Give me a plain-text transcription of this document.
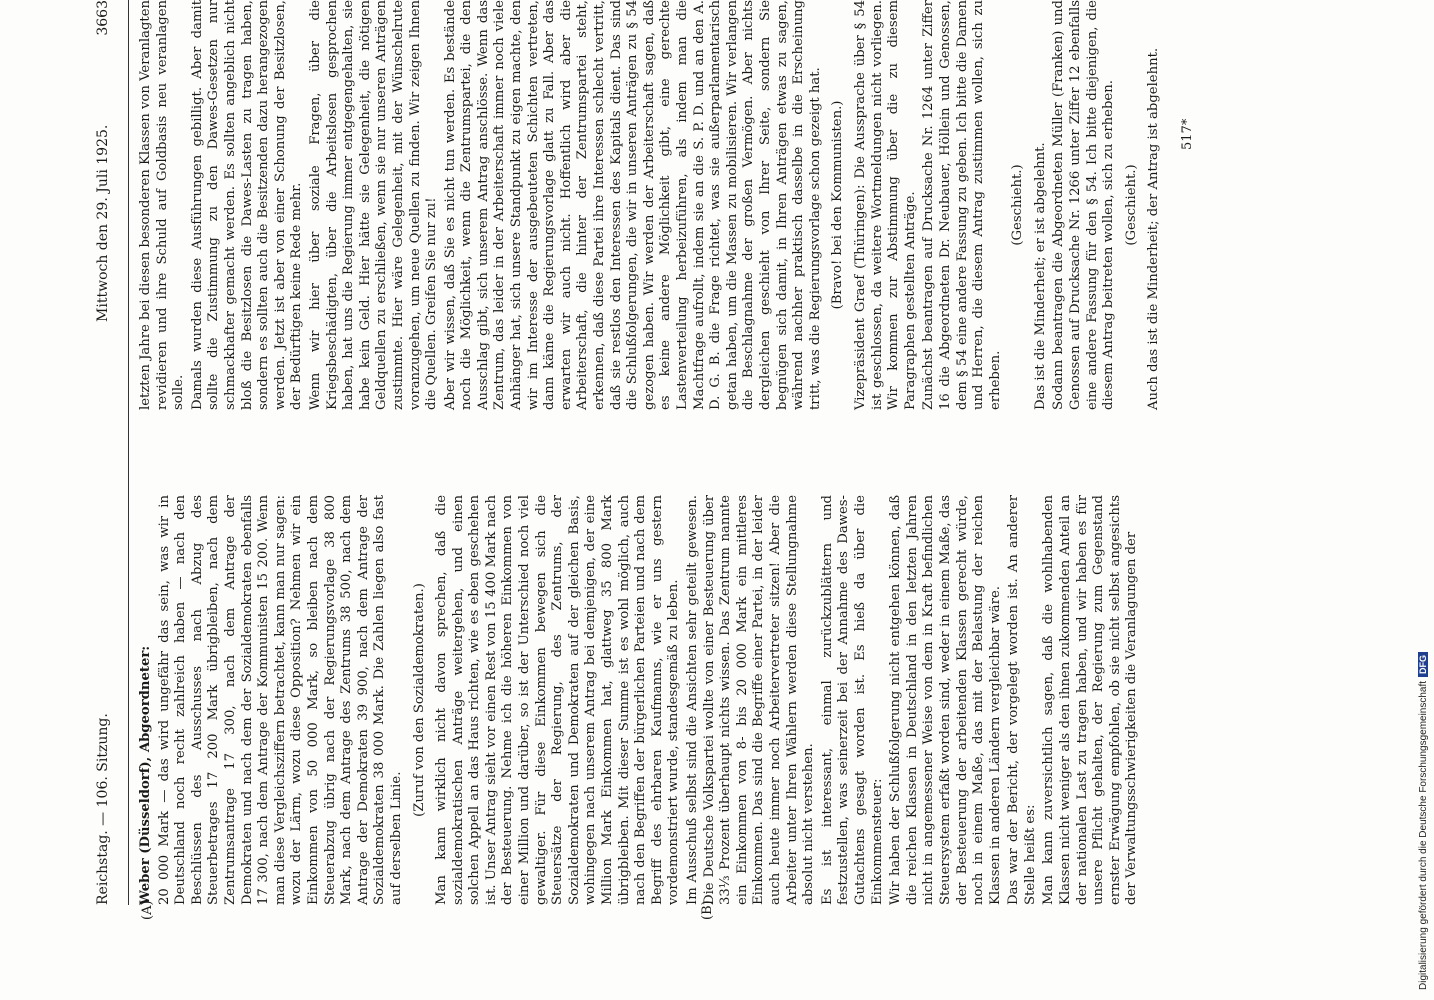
Reichstag. — 106. Sitzung.
Mittwoch den 29. Juli 1925.                    3663
(A)	(B)

Weber (Düsseldorf), Abgeordneter: 20 000 Mark — das wird ungefähr das sein, was wir in Deutschland noch recht zahlreich haben — nach den Beschlüssen des Ausschusses nach Abzug des Steuerbetrages 17 200 Mark übrigbleiben, nach dem Zentrumsantrage 17 300, nach dem Antrage der Demokraten und nach dem der Sozialdemokraten ebenfalls 17 300, nach dem Antrage der Kommunisten 15 200. Wenn man diese Vergleichsziffern betrachtet, kann man nur sagen: wozu der Lärm, wozu diese Opposition? Nehmen wir ein Einkommen von 50 000 Mark, so bleiben nach dem Steuerabzug übrig nach der Regierungsvorlage 38 800 Mark, nach dem Antrage des Zentrums 38 500, nach dem Antrage der Demokraten 39 900, nach dem Antrage der Sozialdemokraten 38 000 Mark. Die Zahlen liegen also fast auf derselben Linie.

(Zuruf von den Sozialdemokraten.) Man kann wirklich nicht davon sprechen, daß die sozialdemokratischen Anträge weitergehen, und einen solchen Appell an das Haus richten, wie es eben geschehen ist. Unser Antrag sieht vor einen Rest von 15 400 Mark nach der Besteuerung. Nehme ich die höheren Einkommen von einer Million und darüber, so ist der Unterschied noch viel gewaltiger. Für diese Einkommen bewegen sich die Steuersätze der Regierung, des Zentrums, der Sozialdemokraten und Demokraten auf der gleichen Basis, wohingegen nach unserem Antrag bei demjenigen, der eine Million Mark Einkommen hat, glattweg 35 800 Mark übrigbleiben. Mit dieser Summe ist es wohl möglich, auch nach den Begriffen der bürgerlichen Parteien und nach dem Begriff des ehrbaren Kaufmanns, wie er uns gestern vordemonstriert wurde, standesgemäß zu leben. Im Ausschuß selbst sind die Ansichten sehr geteilt gewesen. Die Deutsche Volkspartei wollte von einer Besteuerung über 33⅓ Prozent überhaupt nichts wissen. Das Zentrum nannte ein Einkommen von 8- bis 20 000 Mark ein mittleres Einkommen. Das sind die Begriffe einer Partei, in der leider auch heute immer noch Arbeitervertreter sitzen! Aber die Arbeiter unter Ihren Wählern werden diese Stellungnahme absolut nicht verstehen. Es ist interessant, einmal zurückzublättern und festzustellen, was seinerzeit bei der Annahme des Dawes-Gutachtens gesagt worden ist. Es hieß da über die Einkommensteuer: Wir haben der Schlußfolgerung nicht entgehen können, daß die reichen Klassen in Deutschland in den letzten Jahren nicht in angemessener Weise von dem in Kraft befindlichen Steuersystem erfaßt worden sind, weder in einem Maße, das der Besteuerung der arbeitenden Klassen gerecht würde, noch in einem Maße, das mit der Belastung der reichen Klassen in anderen Ländern vergleichbar wäre. Das war der Bericht, der vorgelegt worden ist. An anderer Stelle heißt es: Man kann zuversichtlich sagen, daß die wohlhabenden Klassen nicht weniger als den ihnen zukommenden Anteil an der nationalen Last zu tragen haben, und wir haben es für unsere Pflicht gehalten, der Regierung zum Gegenstand ernster Erwägung empfohlen, ob sie nicht selbst angesichts der Verwaltungsschwierigkeiten die Veranlagungen der

letzten Jahre bei diesen besonderen Klassen von Veranlagten revidieren und ihre Schuld auf Goldbasis neu veranlagen solle. Damals wurden diese Ausführungen gebilligt. Aber damit sollte die Zustimmung zu den Dawes-Gesetzen nur schmackhafter gemacht werden. Es sollten angeblich nicht bloß die Besitzlosen die Dawes-Lasten zu tragen haben, sondern es sollten auch die Besitzenden dazu herangezogen werden. Jetzt ist aber von einer Schonung der Besitzlosen, der Bedürftigen keine Rede mehr. Wenn wir hier über soziale Fragen, über die Kriegsbeschädigten, über die Arbeitslosen gesprochen haben, hat uns die Regierung immer entgegengehalten, sie habe kein Geld. Hier hätte sie Gelegenheit, die nötigen Geldquellen zu erschließen, wenn sie nur unseren Anträgen zustimmte. Hier wäre Gelegenheit, mit der Wünschelrute voranzugehen, um neue Quellen zu finden. Wir zeigen Ihnen die Quellen. Greifen Sie nur zu! Aber wir wissen, daß Sie es nicht tun werden. Es bestände noch die Möglichkeit, wenn die Zentrumspartei, die den Ausschlag gibt, sich unserem Antrag anschlösse. Wenn das Zentrum, das leider in der Arbeiterschaft immer noch viele Anhänger hat, sich unsere Standpunkt zu eigen machte, den wir im Interesse der ausgebeuteten Schichten vertreten, dann käme die Regierungsvorlage glatt zu Fall. Aber das erwarten wir auch nicht. Hoffentlich wird aber die Arbeiterschaft, die hinter der Zentrumspartei steht, erkennen, daß diese Partei ihre Interessen schlecht vertritt, daß sie restlos den Interessen des Kapitals dient. Das sind die Schlußfolgerungen, die wir in unseren Anträgen zu § 54 gezogen haben. Wir werden der Arbeiterschaft sagen, daß es keine andere Möglichkeit gibt, eine gerechte Lastenverteilung herbeizuführen, als indem man die Machtfrage aufrollt, indem sie an die S. P. D. und an den A. D. G. B. die Frage richtet, was sie außerparlamentarisch getan haben, um die Massen zu mobilisieren. Wir verlangen die Beschlagnahme der großen Vermögen. Aber nichts dergleichen geschieht von Ihrer Seite, sondern Sie begnügen sich damit, in Ihren Anträgen etwas zu sagen, während nachher praktisch dasselbe in die Erscheinung tritt, was die Regierungsvorlage schon gezeigt hat. (Bravo! bei den Kommunisten.) Vizepräsident Graef (Thüringen): Die Aussprache über § 54 ist geschlossen, da weitere Wortmeldungen nicht vorliegen. Wir kommen zur Abstimmung über die zu diesem Paragraphen gestellten Anträge. Zunächst beantragen auf Drucksache Nr. 1264 unter Ziffer 16 die Abgeordneten Dr. Neubauer, Höllein und Genossen, dem § 54 eine andere Fassung zu geben. Ich bitte die Damen und Herren, die diesem Antrag zustimmen wollen, sich zu erheben.

(Geschieht.) Das ist die Minderheit; er ist abgelehnt. Sodann beantragen die Abgeordneten Müller (Franken) und Genossen auf Drucksache Nr. 1266 unter Ziffer 12 ebenfalls eine andere Fassung für den § 54. Ich bitte diejenigen, die diesem Antrag beitreten wollen, sich zu erheben. (Geschieht.) Auch das ist die Minderheit; der Antrag ist abgelehnt. 517*
Digitalisierung gefördert durch die Deutsche Forschungsgemeinschaft
DFG
